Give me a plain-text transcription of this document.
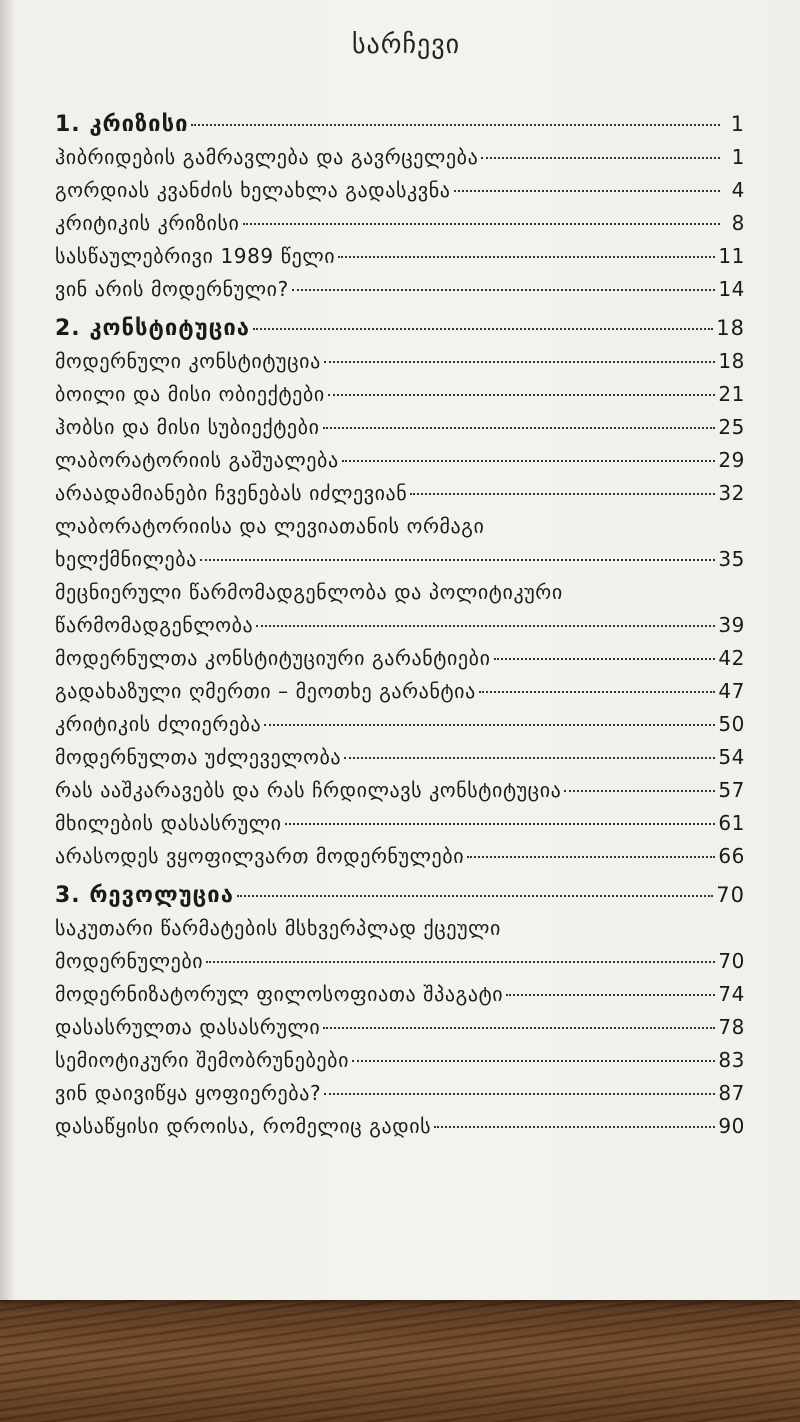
სარჩევი
1. კრიზისი	1
ჰიბრიდების გამრავლება და გავრცელება	1
გორდიას კვანძის ხელახლა გადასკვნა	4
კრიტიკის კრიზისი	8
სასწაულებრივი 1989 წელი	11
ვინ არის მოდერნული?	14
2. კონსტიტუცია	18
მოდერნული კონსტიტუცია	18
ბოილი და მისი ობიექტები	21
ჰობსი და მისი სუბიექტები	25
ლაბორატორიის გაშუალება	29
არაადამიანები ჩვენებას იძლევიან	32
ლაბორატორიისა და ლევიათანის ორმაგი
ხელქმნილება	35
მეცნიერული წარმომადგენლობა და პოლიტიკური
წარმომადგენლობა	39
მოდერნულთა კონსტიტუციური გარანტიები	42
გადახაზული ღმერთი – მეოთხე გარანტია	47
კრიტიკის ძლიერება	50
მოდერნულთა უძლეველობა	54
რას ააშკარავებს და რას ჩრდილავს კონსტიტუცია	57
მხილების დასასრული	61
არასოდეს ვყოფილვართ მოდერნულები	66
3. რევოლუცია	70
საკუთარი წარმატების მსხვერპლად ქცეული
მოდერნულები	70
მოდერნიზატორულ ფილოსოფიათა შპაგატი	74
დასასრულთა დასასრული	78
სემიოტიკური შემობრუნებები	83
ვინ დაივიწყა ყოფიერება?	87
დასაწყისი დროისა, რომელიც გადის	90
